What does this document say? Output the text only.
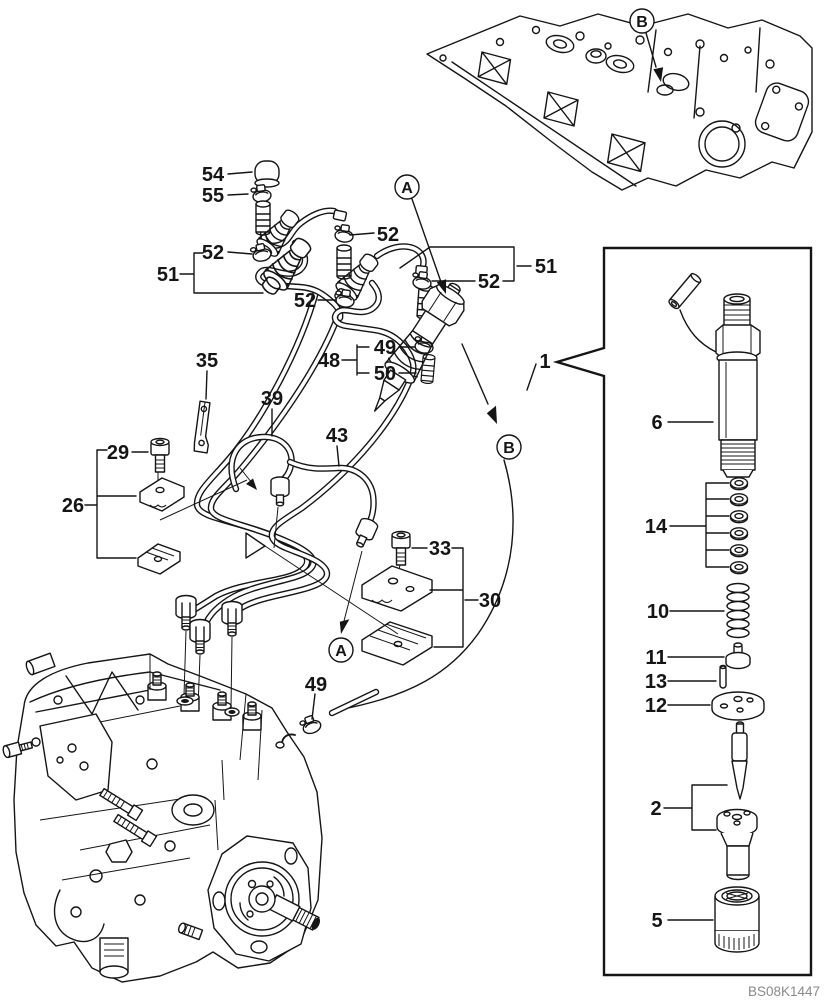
B
B
A
A
6
14
10
11
13
12
2
5
54
55
52
51
52
52
51
52
48
49
50
1
35
39
43
29
26
33
30
49
BS08K1447
